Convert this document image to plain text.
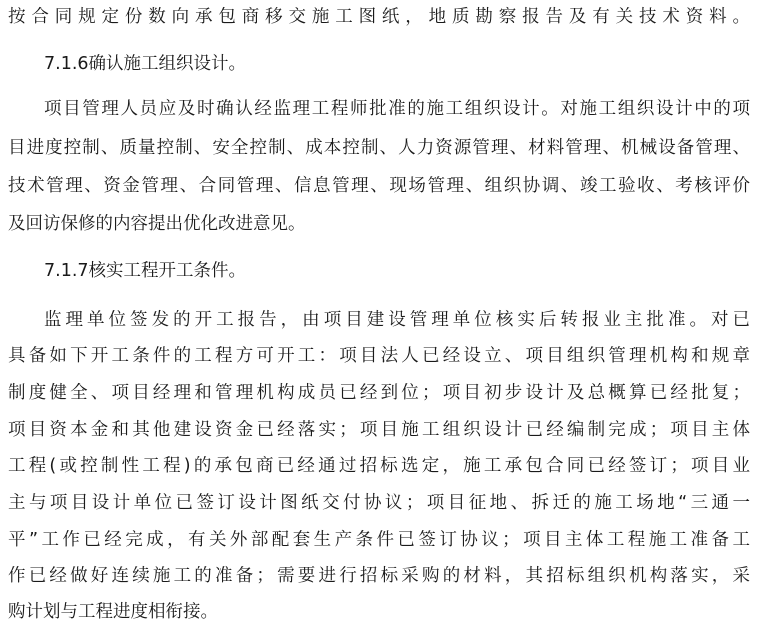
按合同规定份数向承包商移交施工图纸，地质勘察报告及有关技术资料。
7.1.6确认施工组织设计。
项目管理人员应及时确认经监理工程师批准的施工组织设计。对施工组织设计中的项
目进度控制、质量控制、安全控制、成本控制、人力资源管理、材料管理、机械设备管理、
技术管理、资金管理、合同管理、信息管理、现场管理、组织协调、竣工验收、考核评价
及回访保修的内容提出优化改进意见。
7.1.7核实工程开工条件。
监理单位签发的开工报告，由项目建设管理单位核实后转报业主批准。对已
具备如下开工条件的工程方可开工：项目法人已经设立、项目组织管理机构和规章
制度健全、项目经理和管理机构成员已经到位；项目初步设计及总概算已经批复；
项目资本金和其他建设资金已经落实；项目施工组织设计已经编制完成；项目主体
工程(或控制性工程)的承包商已经通过招标选定，施工承包合同已经签订；项目业
主与项目设计单位已签订设计图纸交付协议；项目征地、拆迁的施工场地“三通一
平”工作已经完成，有关外部配套生产条件已签订协议；项目主体工程施工准备工
作已经做好连续施工的准备；需要进行招标采购的材料，其招标组织机构落实，采
购计划与工程进度相衔接。
